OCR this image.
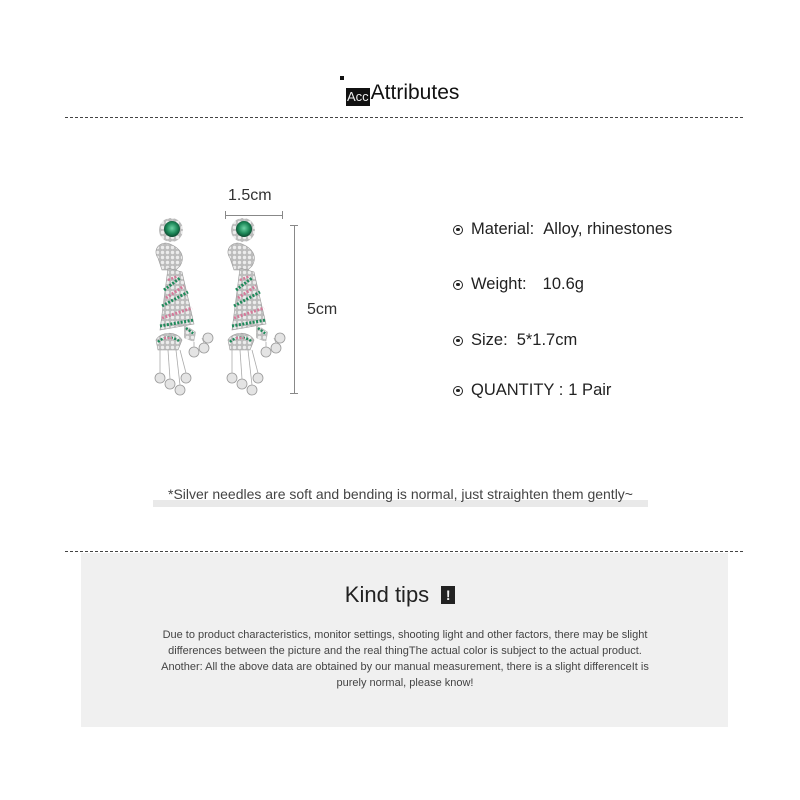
Acc Attributes
1.5cm
5cm
Material: Alloy, rhinestones
Weight: 10.6g
Size: 5*1.7cm
QUANTITY : 1 Pair
*Silver needles are soft and bending is normal, just straighten them gently~
Kind tips	!
Due to product characteristics, monitor settings, shooting light and other factors, there may be slight
differences between the picture and the real thingThe actual color is subject to the actual product.
Another: All the above data are obtained by our manual measurement, there is a slight differenceIt is
purely normal, please know!
